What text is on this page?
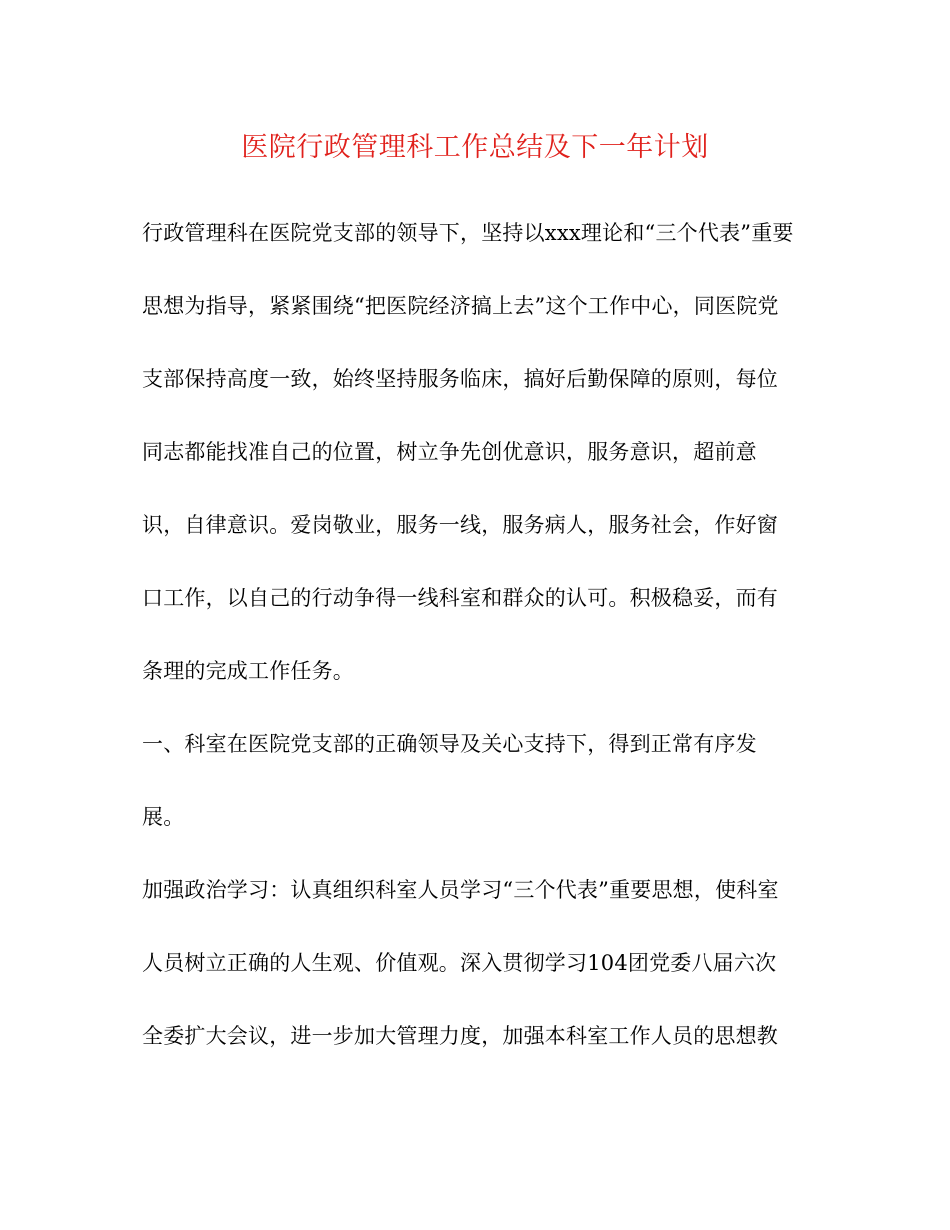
医院行政管理科工作总结及下一年计划
行政管理科在医院党支部的领导下，坚持以xxx理论和“三个代表”重要
思想为指导，紧紧围绕“把医院经济搞上去”这个工作中心，同医院党
支部保持高度一致，始终坚持服务临床，搞好后勤保障的原则，每位
同志都能找准自己的位置，树立争先创优意识，服务意识，超前意
识，自律意识。爱岗敬业，服务一线，服务病人，服务社会，作好窗
口工作，以自己的行动争得一线科室和群众的认可。积极稳妥，而有
条理的完成工作任务。
一、科室在医院党支部的正确领导及关心支持下，得到正常有序发
展。
加强政治学习：认真组织科室人员学习“三个代表”重要思想，使科室
人员树立正确的人生观、价值观。深入贯彻学习104团党委八届六次
全委扩大会议，进一步加大管理力度，加强本科室工作人员的思想教
